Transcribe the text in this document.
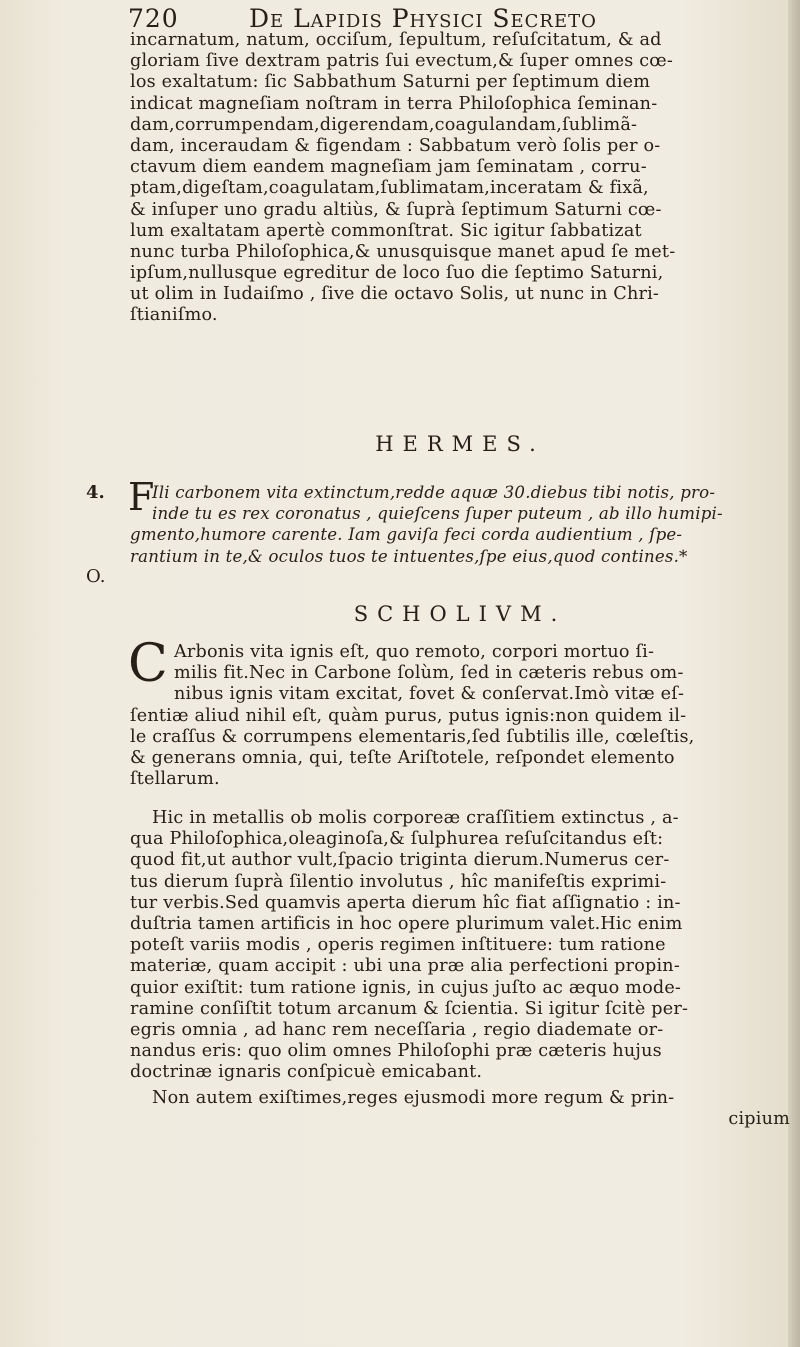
720	De Lapidis Physici Secreto
incarnatum, natum, occiſum, ſepultum, reſuſcitatum, & ad
gloriam ſive dextram patris ſui evectum,& ſuper omnes cœ-
los exaltatum: ſic Sabbathum Saturni per ſeptimum diem
indicat magneſiam noſtram in terra Philoſophica ſeminan-
dam,corrumpendam,digerendam,coagulandam,ſublimã-
dam, inceraudam & figendam : Sabbatum verò ſolis per o-
ctavum diem eandem magneſiam jam ſeminatam , corru-
ptam,digeſtam,coagulatam,ſublimatam,inceratam & fixã,
& inſuper uno gradu altiùs, & ſuprà ſeptimum Saturni cœ-
lum exaltatam apertè commonſtrat. Sic igitur ſabbatizat
nunc turba Philoſophica,& unusquisque manet apud ſe met-
ipſum,nullusque egreditur de loco ſuo die ſeptimo Saturni,
ut olim in Iudaiſmo , ſive die octavo Solis, ut nunc in Chri-
ſtianiſmo.
HERMES.
4.
O.
F
Ili carbonem vita extinctum,redde aquæ 30.diebus tibi notis, pro-
inde tu es rex coronatus , quieſcens ſuper puteum , ab illo humipi-
gmento,humore carente. Iam gaviſa feci corda audientium , ſpe-
rantium in te,& oculos tuos te intuentes,ſpe eius,quod contines.*
SCHOLIVM.
C Arbonis vita ignis eſt, quo remoto, corpori mortuo ſi-
milis fit.Nec in Carbone ſolùm, ſed in cæteris rebus om-
nibus ignis vitam excitat, fovet & conſervat.Imò vitæ eſ-
ſentiæ aliud nihil eſt, quàm purus, putus ignis:non quidem il-
le craſſus & corrumpens elementaris,ſed ſubtilis ille, cœleſtis,
& generans omnia, qui, teſte Ariſtotele, reſpondet elemento
ſtellarum.
Hic in metallis ob molis corporeæ craſſitiem extinctus , a-
qua Philoſophica,oleaginoſa,& ſulphurea reſuſcitandus eſt:
quod fit,ut author vult,ſpacio triginta dierum.Numerus cer-
tus dierum ſuprà ſilentio involutus , hîc manifeſtis exprimi-
tur verbis.Sed quamvis aperta dierum hîc fiat aſſignatio : in-
duſtria tamen artificis in hoc opere plurimum valet.Hic enim
poteſt variis modis , operis regimen inſtituere: tum ratione
materiæ, quam accipit : ubi una præ alia perfectioni propin-
quior exiſtit: tum ratione ignis, in cujus juſto ac æquo mode-
ramine conſiſtit totum arcanum & ſcientia. Si igitur ſcitè per-
egris omnia , ad hanc rem neceſſaria , regio diademate or-
nandus eris: quo olim omnes Philoſophi præ cæteris hujus
doctrinæ ignaris conſpicuè emicabant.
Non autem exiſtimes,reges ejusmodi more regum & prin-
cipium
